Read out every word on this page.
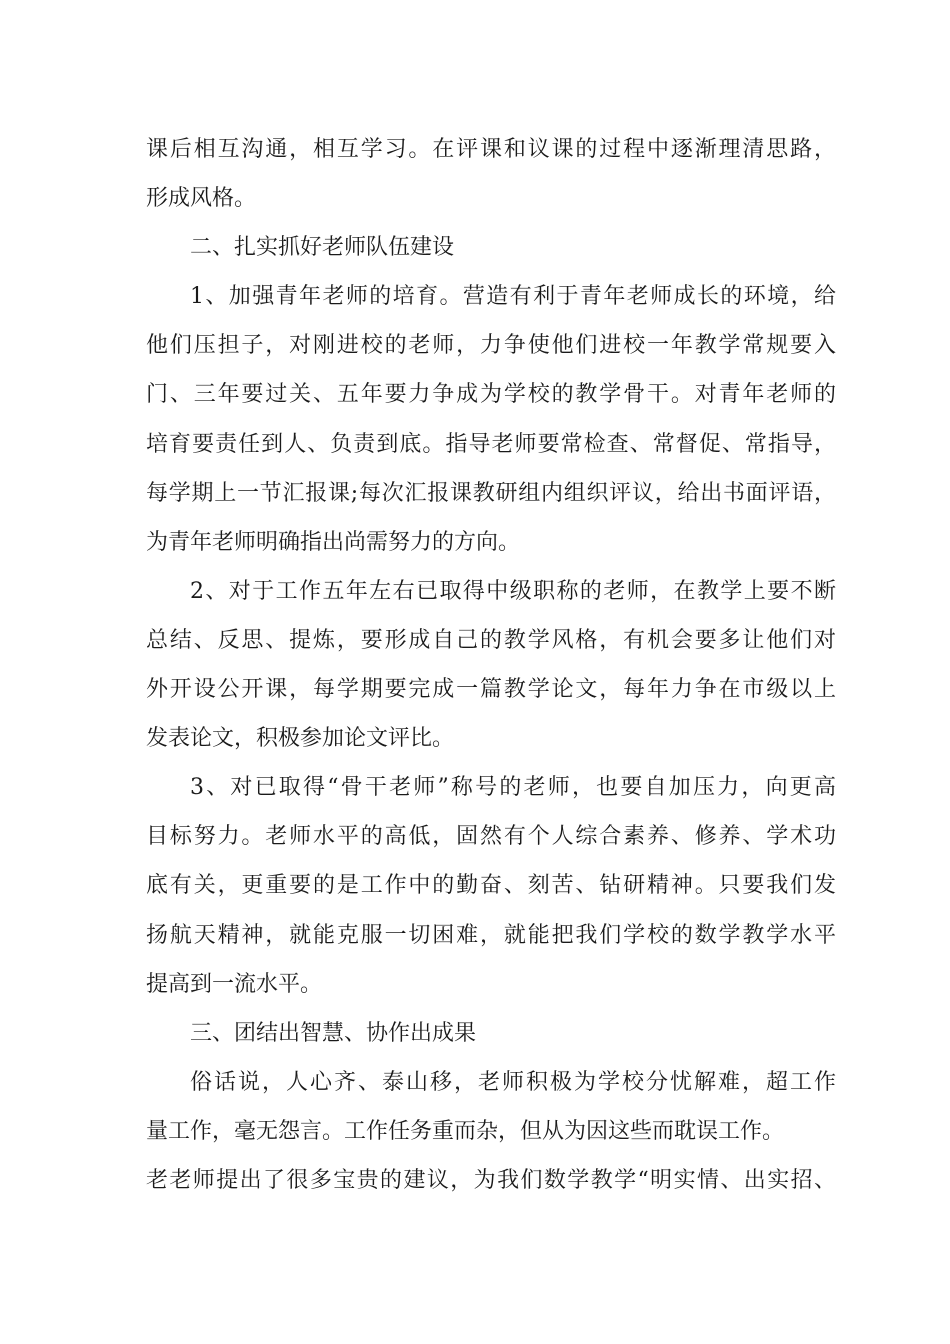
课后相互沟通，相互学习。在评课和议课的过程中逐渐理清思路，
形成风格。
二、扎实抓好老师队伍建设
1、加强青年老师的培育。营造有利于青年老师成长的环境，给
他们压担子，对刚进校的老师，力争使他们进校一年教学常规要入
门、三年要过关、五年要力争成为学校的教学骨干。对青年老师的
培育要责任到人、负责到底。指导老师要常检查、常督促、常指导，
每学期上一节汇报课;每次汇报课教研组内组织评议，给出书面评语，
为青年老师明确指出尚需努力的方向。
2、对于工作五年左右已取得中级职称的老师，在教学上要不断
总结、反思、提炼，要形成自己的教学风格，有机会要多让他们对
外开设公开课，每学期要完成一篇教学论文，每年力争在市级以上
发表论文，积极参加论文评比。
3、对已取得“骨干老师”称号的老师，也要自加压力，向更高
目标努力。老师水平的高低，固然有个人综合素养、修养、学术功
底有关，更重要的是工作中的勤奋、刻苦、钻研精神。只要我们发
扬航天精神，就能克服一切困难，就能把我们学校的数学教学水平
提高到一流水平。
三、团结出智慧、协作出成果
俗话说，人心齐、泰山移，老师积极为学校分忧解难，超工作
量工作，毫无怨言。工作任务重而杂，但从为因这些而耽误工作。
老老师提出了很多宝贵的建议，为我们数学教学“明实情、出实招、
